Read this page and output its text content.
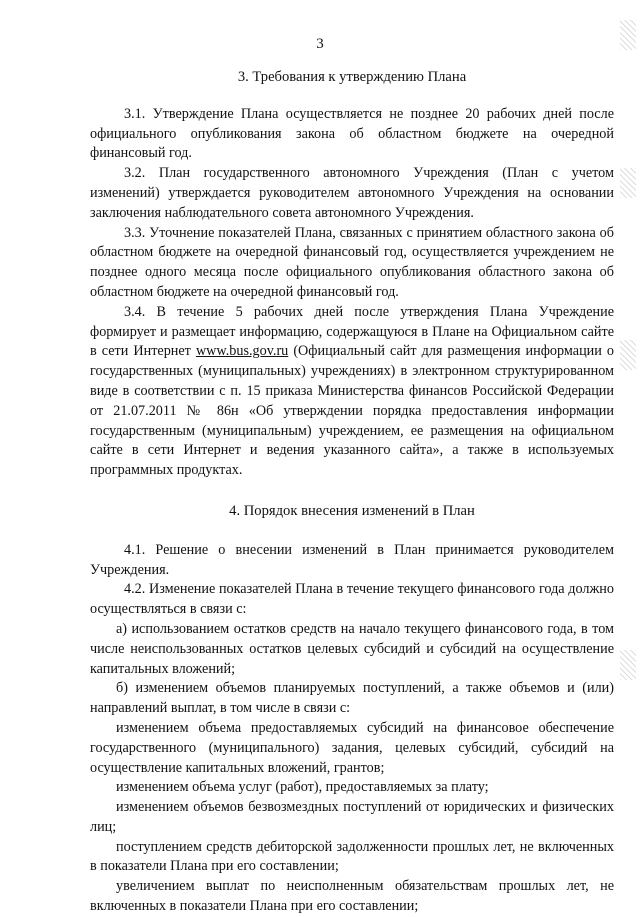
3
3. Требования к утверждению Плана

3.1. Утверждение Плана осуществляется не позднее 20 рабочих дней после официального опубликования закона об областном бюджете на очередной финансовый год.

3.2. План государственного автономного Учреждения (План с учетом изменений) утверждается руководителем автономного Учреждения на основании заключения наблюдательного совета автономного Учреждения.

3.3. Уточнение показателей Плана, связанных с принятием областного закона об областном бюджете на очередной финансовый год, осуществляется учреждением не позднее одного месяца после официального опубликования областного закона об областном бюджете на очередной финансовый год.

3.4. В течение 5 рабочих дней после утверждения Плана Учреждение формирует и размещает информацию, содержащуюся в Плане на Официальном сайте в сети Интернет www.bus.gov.ru (Официальный сайт для размещения информации о государственных (муниципальных) учреждениях) в электронном структурированном виде в соответствии с п. 15 приказа Министерства финансов Российской Федерации от 21.07.2011 № 86н «Об утверждении порядка предоставления информации государственным (муниципальным) учреждением, ее размещения на официальном сайте в сети Интернет и ведения указанного сайта», а также в используемых программных продуктах.

4. Порядок внесения изменений в План

4.1. Решение о внесении изменений в План принимается руководителем Учреждения.

4.2. Изменение показателей Плана в течение текущего финансового года должно осуществляться в связи с:

а) использованием остатков средств на начало текущего финансового года, в том числе неиспользованных остатков целевых субсидий и субсидий на осуществление капитальных вложений;

б) изменением объемов планируемых поступлений, а также объемов и (или) направлений выплат, в том числе в связи с:

изменением объема предоставляемых субсидий на финансовое обеспечение государственного (муниципального) задания, целевых субсидий, субсидий на осуществление капитальных вложений, грантов;

изменением объема услуг (работ), предоставляемых за плату;

изменением объемов безвозмездных поступлений от юридических и физических лиц;

поступлением средств дебиторской задолженности прошлых лет, не включенных в показатели Плана при его составлении;

увеличением выплат по неисполненным обязательствам прошлых лет, не включенных в показатели Плана при его составлении;
